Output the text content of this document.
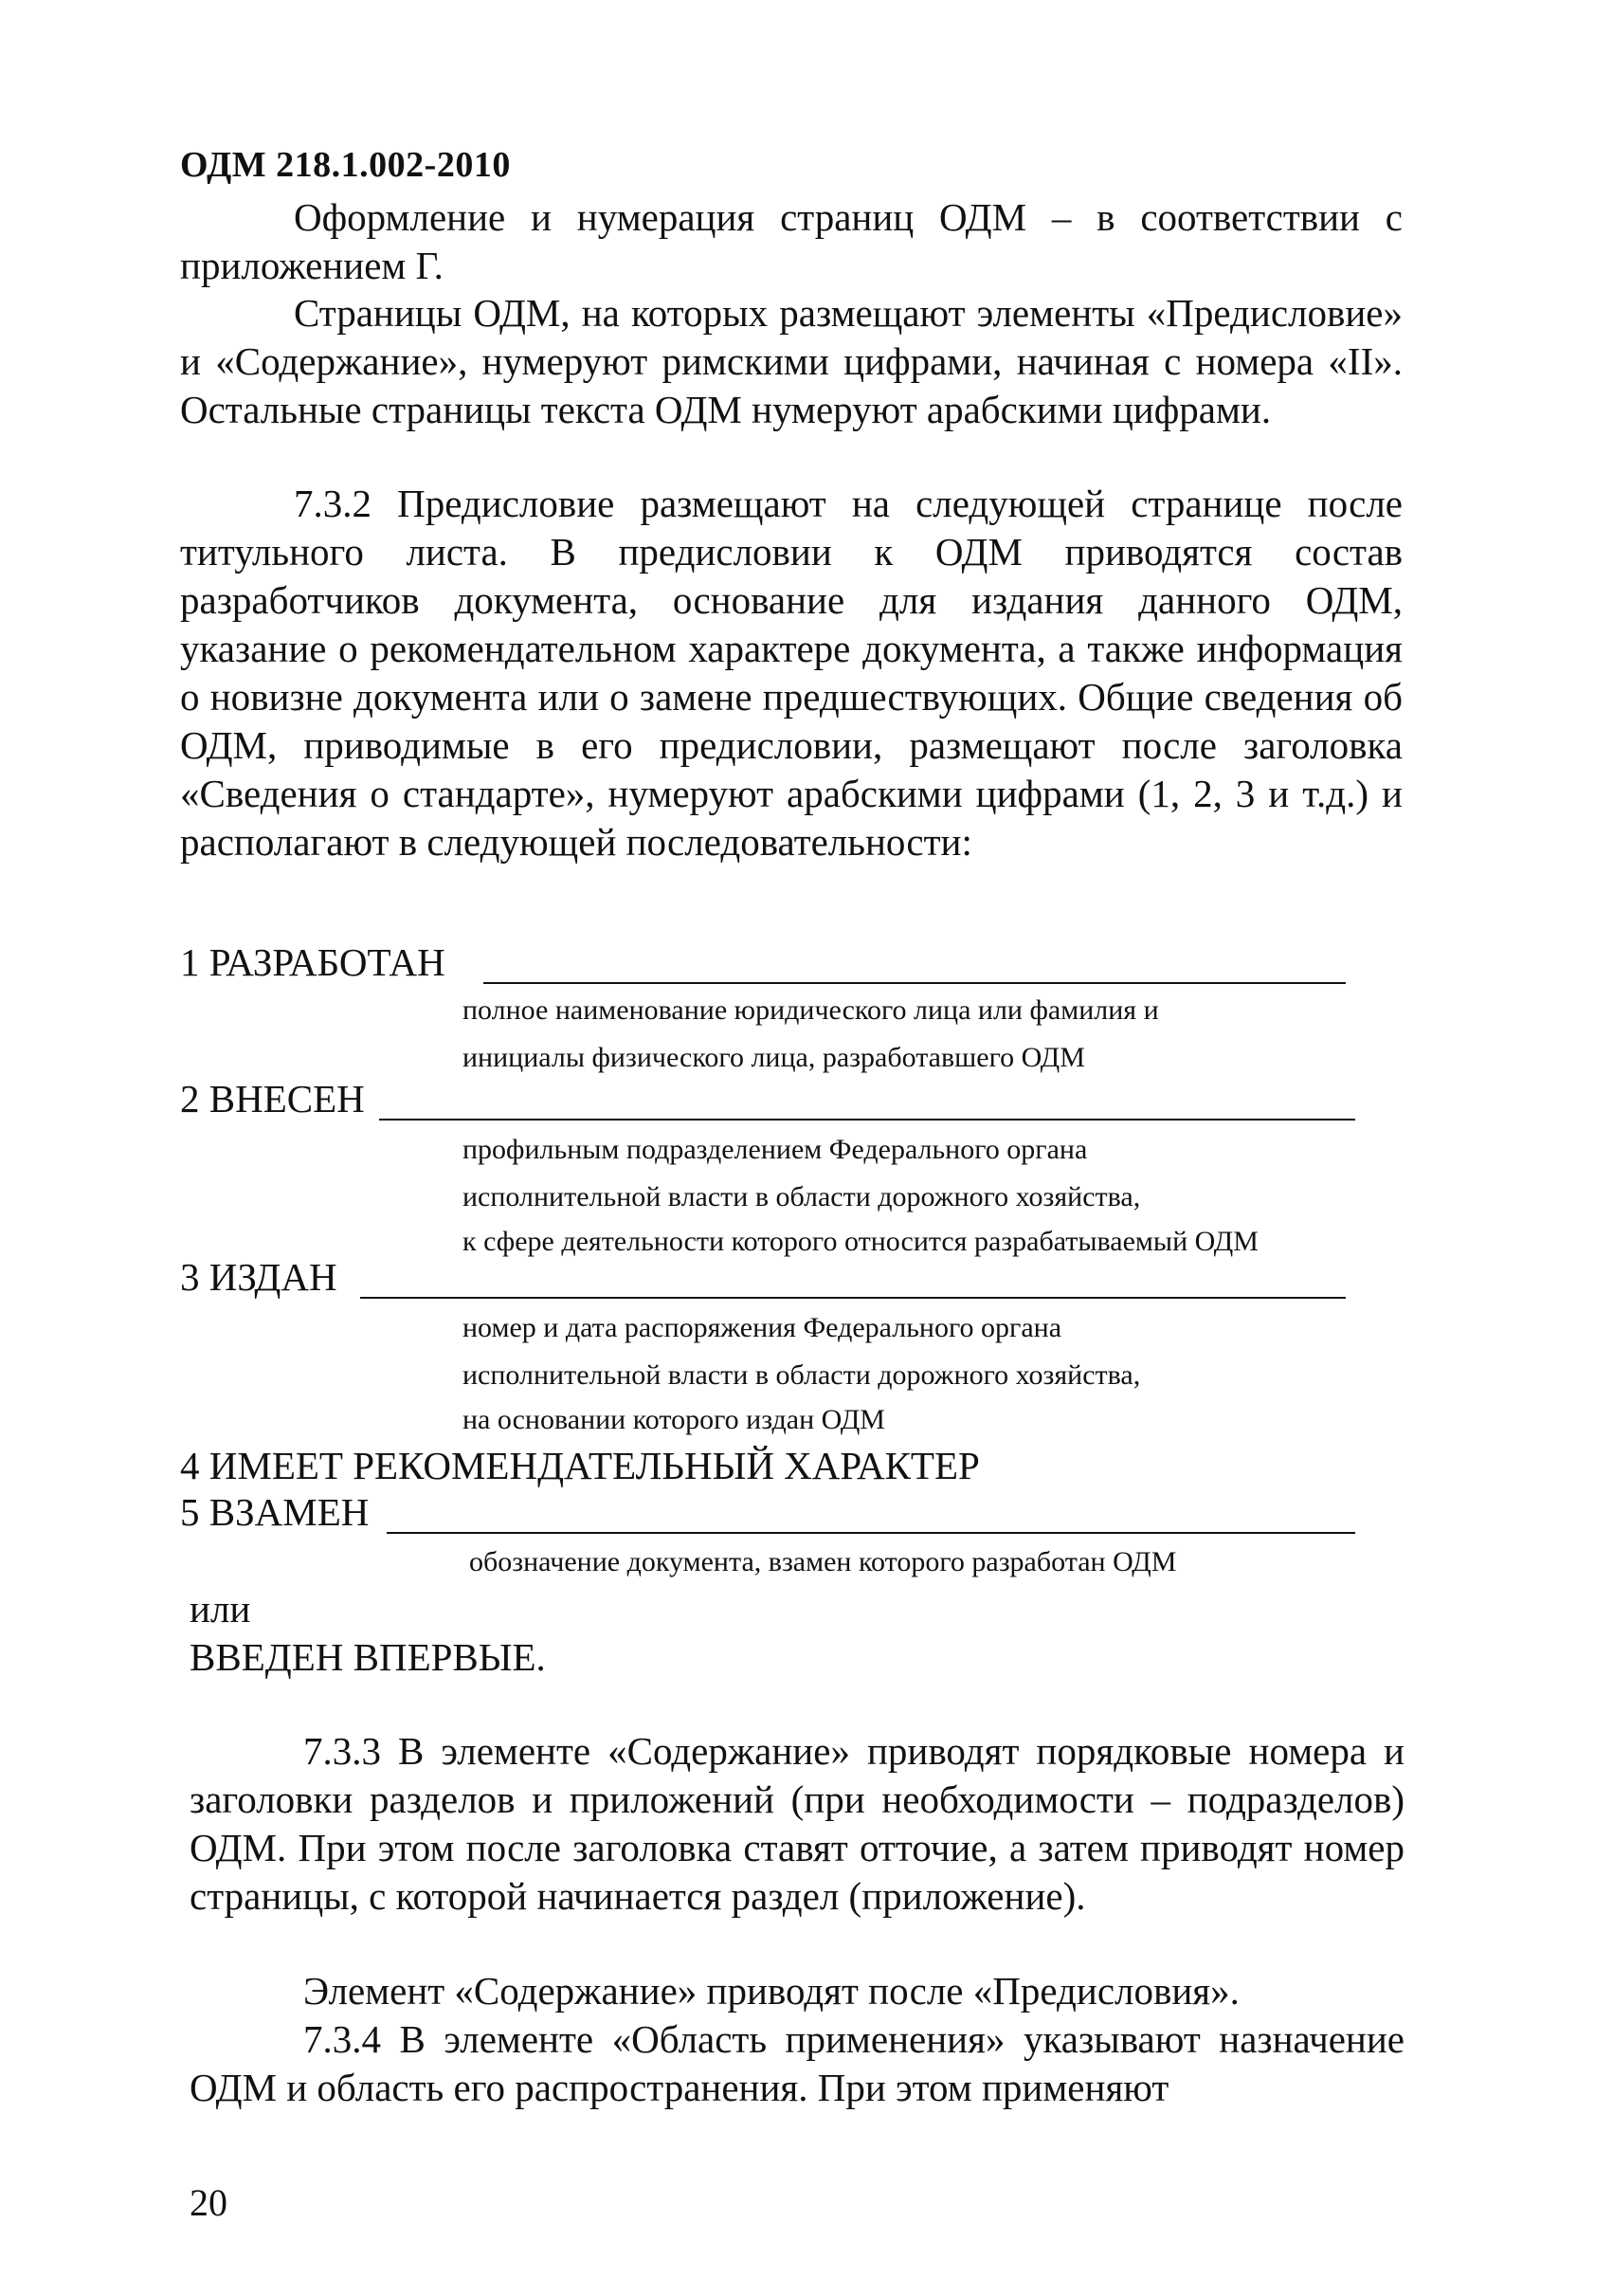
ОДМ 218.1.002-2010

Оформление и нумерация страниц ОДМ – в соответствии с приложением Г.

Страницы ОДМ, на которых размещают элементы «Предисловие» и «Содержание», нумеруют римскими цифрами, начиная с номера «II». Остальные страницы текста ОДМ нумеруют арабскими цифрами.

7.3.2 Предисловие размещают на следующей странице после титульного листа. В предисловии к ОДМ приводятся состав разработчиков документа, основание для издания данного ОДМ, указание о рекомендательном характере документа, а также информация о новизне документа или о замене предшествующих. Общие сведения об ОДМ, приводимые в его предисловии, размещают после заголовка «Сведения о стандарте», нумеруют арабскими цифрами (1, 2, 3 и т.д.) и располагают в следующей последовательности:

1 РАЗРАБОТАН
полное наименование юридического лица или фамилия и
инициалы физического лица, разработавшего ОДМ
2 ВНЕСЕН
профильным подразделением Федерального органа
исполнительной власти в области дорожного хозяйства,
к сфере деятельности которого относится разрабатываемый ОДМ
3 ИЗДАН
номер и дата распоряжения Федерального органа
исполнительной власти в области дорожного хозяйства,
на основании которого издан ОДМ
4 ИМЕЕТ РЕКОМЕНДАТЕЛЬНЫЙ ХАРАКТЕР
5 ВЗАМЕН
обозначение документа, взамен которого разработан ОДМ
или
ВВЕДЕН ВПЕРВЫЕ.

7.3.3 В элементе «Содержание» приводят порядковые номера и заголовки разделов и приложений (при необходимости – подразделов) ОДМ. При этом после заголовка ставят отточие, а затем приводят номер страницы, с которой начинается раздел (приложение).

Элемент «Содержание» приводят после «Предисловия».

7.3.4 В элементе «Область применения» указывают назначение ОДМ и область его распространения. При этом применяют

20
